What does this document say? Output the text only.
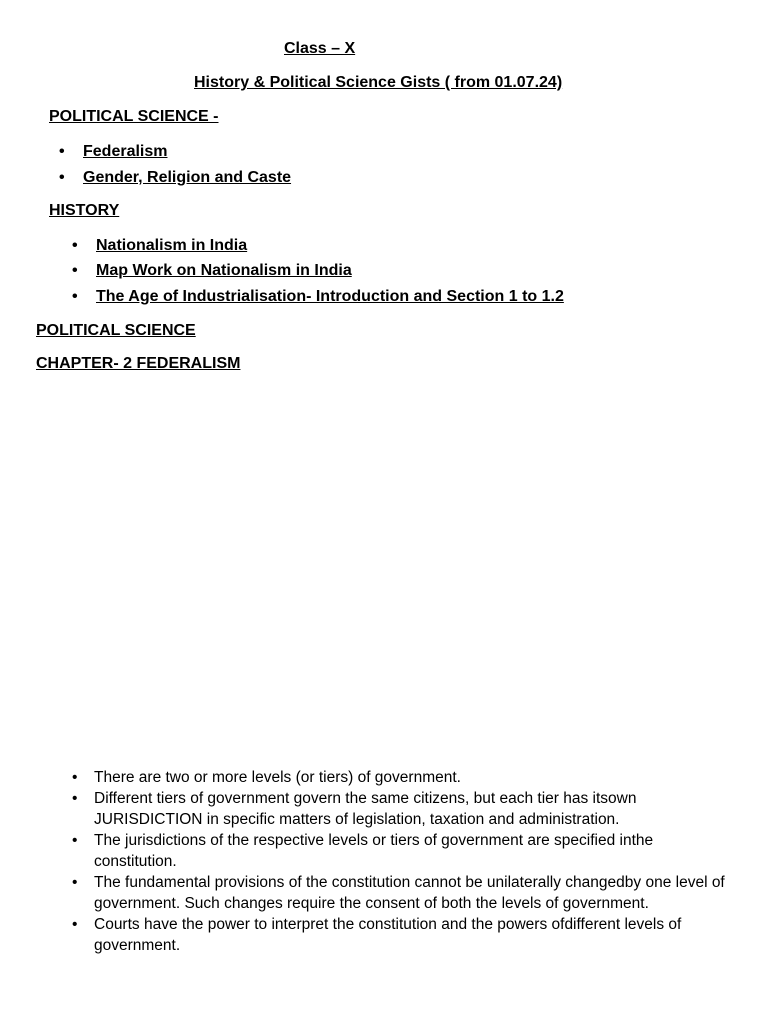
Class – X
History & Political Science Gists ( from 01.07.24)
POLITICAL SCIENCE -
• Federalism
• Gender, Religion and Caste
HISTORY
• Nationalism in India
• Map Work on Nationalism in India
• The Age of Industrialisation- Introduction and Section 1 to 1.2
POLITICAL SCIENCE
CHAPTER- 2 FEDERALISM
• There are two or more levels (or tiers) of government.
• Different tiers of government govern the same citizens, but each tier has itsown JURISDICTION in specific matters of legislation, taxation and administration.
• The jurisdictions of the respective levels or tiers of government are specified inthe constitution.
• The fundamental provisions of the constitution cannot be unilaterally changedby one level of government. Such changes require the consent of both the levels of government.
• Courts have the power to interpret the constitution and the powers ofdifferent levels of government.
